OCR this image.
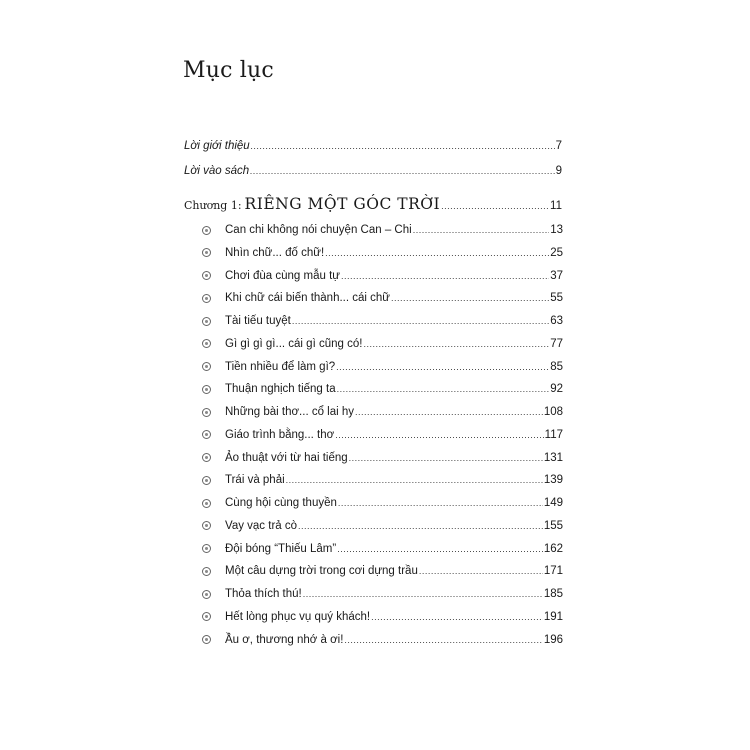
Mục lục
Lời giới thiệu .....	7
Lời vào sách .....	9
Chương 1: RIÊNG MỘT GÓC TRỜI .....	11
Can chi không nói chuyện Can – Chi .....	13
Nhìn chữ... đố chữ! .....	25
Chơi đùa cùng mẫu tự .....	37
Khi chữ cái biến thành... cái chữ .....	55
Tài tiếu tuyệt .....	63
Gì gì gì gì... cái gì cũng có! .....	77
Tiền nhiều để làm gì? .....	85
Thuận nghịch tiếng ta .....	92
Những bài thơ... cổ lai hy .....	108
Giáo trình bằng... thơ .....	117
Ảo thuật với từ hai tiếng .....	131
Trái và phải .....	139
Cùng hội cùng thuyền .....	149
Vay vạc trả cò .....	155
Đội bóng “Thiếu Lâm” .....	162
Một câu dựng trời trong cơi dựng trầu .....	171
Thỏa thích thú! .....	185
Hết lòng phục vụ quý khách! .....	191
Ầu ơ, thương nhớ à ơi! .....	196
